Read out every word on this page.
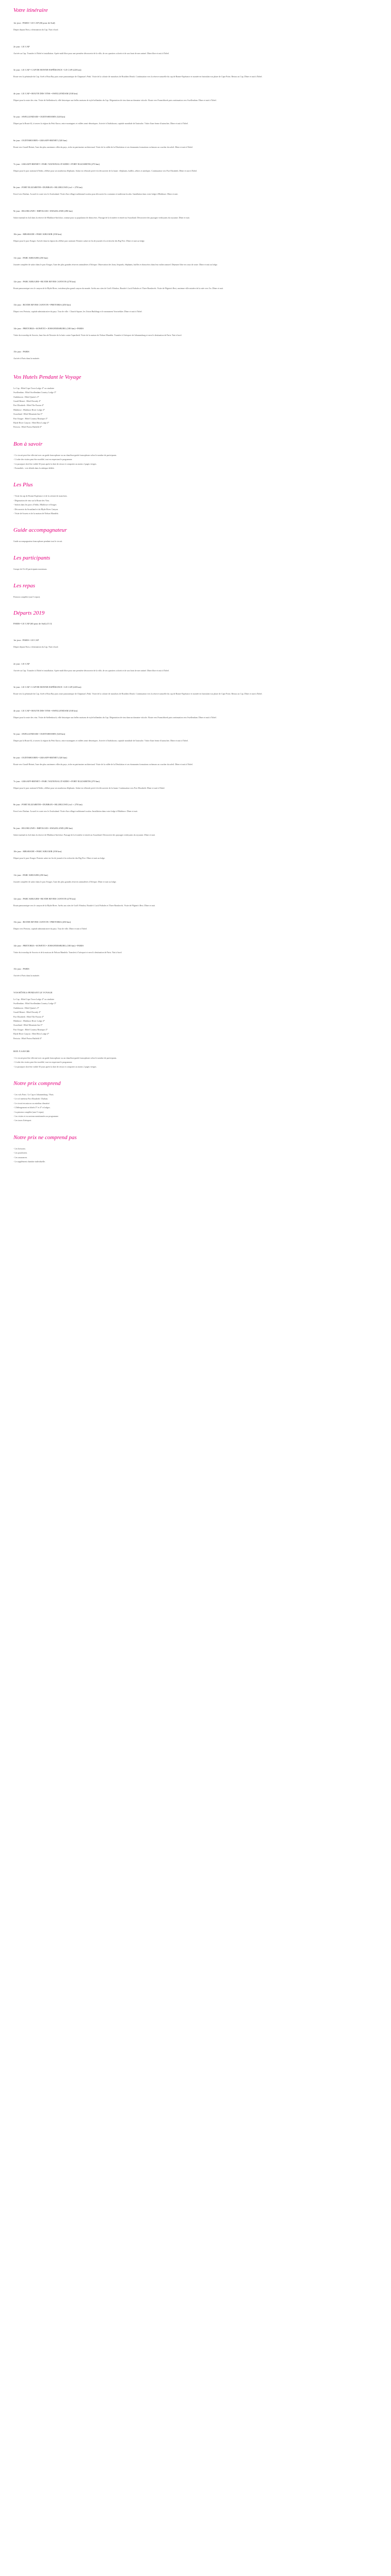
Votre itinéraire

1er jour : PARIS • LE CAP (60 pour de Sud)

Départ depuis Paris, à destination du Cap. Nuit à bord.

2e jour : LE CAP

Arrivée au Cap. Transfert à l'hôtel et installation. Après-midi libre pour une première découverte de la ville, de ses quartiers colorés et de son front de mer animé. Dîner libre et nuit à l'hôtel.

3e jour : LE CAP • CAP DE BONNE-ESPÉRANCE • LE CAP (220 km)

Route vers la péninsule du Cap. Arrêt à Hout Bay puis route panoramique de Chapman's Peak. Visite de la colonie de manchots de Boulders Beach. Continuation vers la réserve naturelle du cap de Bonne-Espérance et montée en funiculaire au phare de Cape Point. Retour au Cap. Dîner et nuit à l'hôtel.

4e jour : LE CAP • ROUTE DES VINS • SWELLENDAM (330 km)

Départ pour la route des vins. Visite de Stellenbosch, ville historique aux belles maisons de style hollandais du Cap. Dégustation de vins dans un domaine viticole. Route vers Franschhoek puis continuation vers Swellendam. Dîner et nuit à l'hôtel.

5e jour : SWELLENDAM • OUDTSHOORN (320 km)

Départ par la Route 62, à travers la région du Petit Karoo, entre montagnes et vallées semi-désertiques. Arrivée à Oudtshoorn, capitale mondiale de l'autruche. Visite d'une ferme d'autruches. Dîner et nuit à l'hôtel.

6e jour : OUDTSHOORN • GRAAFF-REINET (320 km)

Route vers Graaff-Reinet, l'une des plus anciennes villes du pays, riche en patrimoine architectural. Visite de la vallée de la Désolation et ses étonnantes formations rocheuses au coucher du soleil. Dîner et nuit à l'hôtel.

7e jour : GRAAFF-REINET • PARC NATIONAL D'ADDO • PORT ELIZABETH (270 km)

Départ pour le parc national d'Addo, célèbre pour ses nombreux éléphants. Safari en véhicule privé à la découverte de la faune : éléphants, buffles, zèbres et antilopes. Continuation vers Port Elizabeth. Dîner et nuit à l'hôtel.

8e jour : PORT ELIZABETH • DURBAN • HLUHLUWE (vol + 270 km)

Envol vers Durban. Accueil et route vers le Zoulouland. Visite d'un village traditionnel zoulou pour découvrir les coutumes et traditions locales. Installation dans votre lodge à Hluhluwe. Dîner et nuit.

9e jour : HLUHLUWE • IMFOLOZI • SWAZILAND (290 km)

Safari matinal en 4x4 dans la réserve de Hluhluwe-Imfolozi, connue pour sa population de rhinocéros. Passage de la frontière et entrée au Swaziland. Découverte des paysages verdoyants du royaume. Dîner et nuit.

10e jour : MBABANE • PARC KRUGER (350 km)

Départ pour le parc Kruger. Arrivée dans la région du célèbre parc national. Premier safari en fin de journée à la recherche des Big Five. Dîner et nuit au lodge.

11e jour : PARC KRUGER (250 km)

Journée complète de safari dans le parc Kruger, l'une des plus grandes réserves animalières d'Afrique. Observation des lions, léopards, éléphants, buffles et rhinocéros dans leur milieu naturel. Déjeuner libre en cours de route. Dîner et nuit au lodge.

12e jour : PARC KRUGER • BLYDE RIVER CANYON (270 km)

Route panoramique vers le canyon de la Blyde River, troisième plus grand canyon du monde. Arrêts aux sites de God's Window, Bourke's Luck Potholes et Three Rondavels. Visite de Pilgrim's Rest, ancienne ville minière de la ruée vers l'or. Dîner et nuit.

13e jour : BLYDE RIVER CANYON • PRETORIA (450 km)

Départ vers Pretoria, capitale administrative du pays. Tour de ville : Church Square, les Union Buildings et le monument Voortrekker. Dîner et nuit à l'hôtel.

14e jour : PRETORIA • SOWETO • JOHANNESBURG (100 km) • PARIS

Visite du township de Soweto, haut lieu de l'histoire de la lutte contre l'apartheid. Visite de la maison de Nelson Mandela. Transfert à l'aéroport de Johannesburg et envol à destination de Paris. Nuit à bord.

15e jour : PARIS

Arrivée à Paris dans la matinée.

Vos Hutels Pendant le Voyage
Le Cap : Hôtel Cape Town Lodge 4* ou similaire
Swellendam : Hôtel Swellendam Country Lodge 3*
Oudtshoorn : Hôtel Queen's 3*
Graaff-Reinet : Hôtel Drostdy 4*
Port Elizabeth : Hôtel The Paxton 4*
Hluhluwe : Hluhluwe River Lodge 4*
Swaziland : Hôtel Mountain Inn 3*
Parc Kruger : Hôtel Country Boutique 4*
Blyde River Canyon : Hôtel Rest Lodge 4*
Pretoria : Hôtel Protea Hatfield 4*
Bon à savoir
- Ce circuit peut être effectué avec un guide francophone ou un chauffeur-guide francophone selon le nombre de participants.
- L'ordre des visites peut être modifié, tout en respectant le programme.
- Le passeport doit être valide 30 jours après la date de retour et comporter au moins 2 pages vierges.
- Formalités : voir détails dans la rubrique dédiée.
Les Plus
- Visite du cap de Bonne-Espérance et de la colonie de manchots.
- Dégustation de vins sur la Route des Vins.
- Safaris dans les parcs d'Addo, Hluhluwe et Kruger.
- Découverte du Swaziland et du Blyde River Canyon.
- Visite de Soweto et de la maison de Nelson Mandela.
Guide accompagnateur

Guide accompagnateur francophone pendant tout le circuit.

Les participants

Groupe de 8 à 20 participants maximum.

Les repas

Pension complète (sauf 3 repas).

Départs 2019

PARIS • LE CAP (60 pour de Sud) (15 J)

1er jour : PARIS • LE CAP

Départ depuis Paris, à destination du Cap. Nuit à bord.

2e jour : LE CAP

Arrivée au Cap. Transfert à l'hôtel et installation. Après-midi libre pour une première découverte de la ville, de ses quartiers colorés et de son front de mer animé. Dîner libre et nuit à l'hôtel.

3e jour : LE CAP • CAP DE BONNE-ESPÉRANCE • LE CAP (220 km)

Route vers la péninsule du Cap. Arrêt à Hout Bay puis route panoramique de Chapman's Peak. Visite de la colonie de manchots de Boulders Beach. Continuation vers la réserve naturelle du cap de Bonne-Espérance et montée en funiculaire au phare de Cape Point. Retour au Cap. Dîner et nuit à l'hôtel.

4e jour : LE CAP • ROUTE DES VINS • SWELLENDAM (330 km)

Départ pour la route des vins. Visite de Stellenbosch, ville historique aux belles maisons de style hollandais du Cap. Dégustation de vins dans un domaine viticole. Route vers Franschhoek puis continuation vers Swellendam. Dîner et nuit à l'hôtel.

5e jour : SWELLENDAM • OUDTSHOORN (320 km)

Départ par la Route 62, à travers la région du Petit Karoo, entre montagnes et vallées semi-désertiques. Arrivée à Oudtshoorn, capitale mondiale de l'autruche. Visite d'une ferme d'autruches. Dîner et nuit à l'hôtel.

6e jour : OUDTSHOORN • GRAAFF-REINET (320 km)

Route vers Graaff-Reinet, l'une des plus anciennes villes du pays, riche en patrimoine architectural. Visite de la vallée de la Désolation et ses étonnantes formations rocheuses au coucher du soleil. Dîner et nuit à l'hôtel.

7e jour : GRAAFF-REINET • PARC NATIONAL D'ADDO • PORT ELIZABETH (270 km)

Départ pour le parc national d'Addo, célèbre pour ses nombreux éléphants. Safari en véhicule privé à la découverte de la faune. Continuation vers Port Elizabeth. Dîner et nuit à l'hôtel.

8e jour : PORT ELIZABETH • DURBAN • HLUHLUWE (vol + 270 km)

Envol vers Durban. Accueil et route vers le Zoulouland. Visite d'un village traditionnel zoulou. Installation dans votre lodge à Hluhluwe. Dîner et nuit.

9e jour : HLUHLUWE • IMFOLOZI • SWAZILAND (290 km)

Safari matinal en 4x4 dans la réserve de Hluhluwe-Imfolozi. Passage de la frontière et entrée au Swaziland. Découverte des paysages verdoyants du royaume. Dîner et nuit.

10e jour : MBABANE • PARC KRUGER (350 km)

Départ pour le parc Kruger. Premier safari en fin de journée à la recherche des Big Five. Dîner et nuit au lodge.

11e jour : PARC KRUGER (250 km)

Journée complète de safari dans le parc Kruger, l'une des plus grandes réserves animalières d'Afrique. Dîner et nuit au lodge.

12e jour : PARC KRUGER • BLYDE RIVER CANYON (270 km)

Route panoramique vers le canyon de la Blyde River. Arrêts aux sites de God's Window, Bourke's Luck Potholes et Three Rondavels. Visite de Pilgrim's Rest. Dîner et nuit.

13e jour : BLYDE RIVER CANYON • PRETORIA (450 km)

Départ vers Pretoria, capitale administrative du pays. Tour de ville. Dîner et nuit à l'hôtel.

14e jour : PRETORIA • SOWETO • JOHANNESBURG (100 km) • PARIS

Visite du township de Soweto et de la maison de Nelson Mandela. Transfert à l'aéroport et envol à destination de Paris. Nuit à bord.

15e jour : PARIS

Arrivée à Paris dans la matinée.

VOS HÔTELS PENDANT LE VOYAGE

Le Cap : Hôtel Cape Town Lodge 4* ou similaire
Swellendam : Hôtel Swellendam Country Lodge 3*
Oudtshoorn : Hôtel Queen's 3*
Graaff-Reinet : Hôtel Drostdy 4*
Port Elizabeth : Hôtel The Paxton 4*
Hluhluwe : Hluhluwe River Lodge 4*
Swaziland : Hôtel Mountain Inn 3*
Parc Kruger : Hôtel Country Boutique 4*
Blyde River Canyon : Hôtel Rest Lodge 4*
Pretoria : Hôtel Protea Hatfield 4*

BON À SAVOIR

- Ce circuit peut être effectué avec un guide francophone ou un chauffeur-guide francophone selon le nombre de participants.
- L'ordre des visites peut être modifié, tout en respectant le programme.
- Le passeport doit être valide 30 jours après la date de retour et comporter au moins 2 pages vierges.
Notre prix comprend
- Les vols Paris / Le Cap et Johannesburg / Paris.
- Le vol intérieur Port Elizabeth / Durban.
- Le circuit en autocar ou minibus climatisé.
- L'hébergement en hôtels 3* et 4* et lodges.
- La pension complète (sauf 3 repas).
- Les visites et excursions mentionnées au programme.
- Les taxes d'aéroport.
Notre prix ne comprend pas
- Les boissons.
- Les pourboires.
- Les assurances.
- Le supplément chambre individuelle.
